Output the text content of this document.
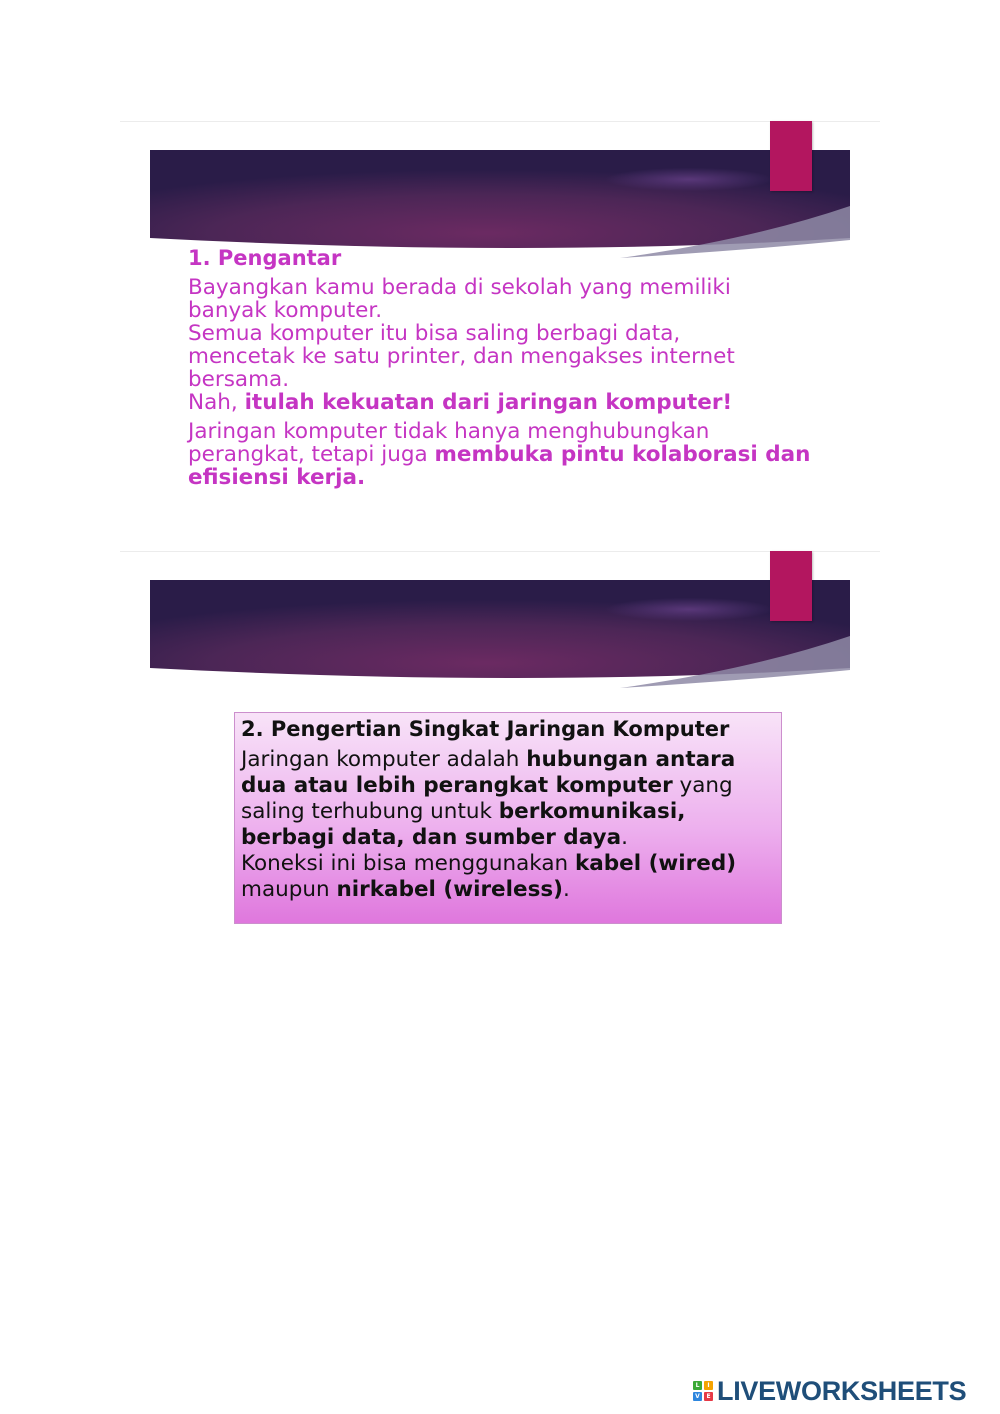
1. Pengantar

Bayangkan kamu berada di sekolah yang memiliki
banyak komputer.
Semua komputer itu bisa saling berbagi data,
mencetak ke satu printer, dan mengakses internet
bersama.
Nah, itulah kekuatan dari jaringan komputer!

Jaringan komputer tidak hanya menghubungkan
perangkat, tetapi juga membuka pintu kolaborasi dan
efisiensi kerja.

2. Pengertian Singkat Jaringan Komputer

Jaringan komputer adalah hubungan antara
dua atau lebih perangkat komputer yang
saling terhubung untuk berkomunikasi,
berbagi data, dan sumber daya.
Koneksi ini bisa menggunakan kabel (wired)
maupun nirkabel (wireless).

L	I
V	E LIVEWORKSHEETS
